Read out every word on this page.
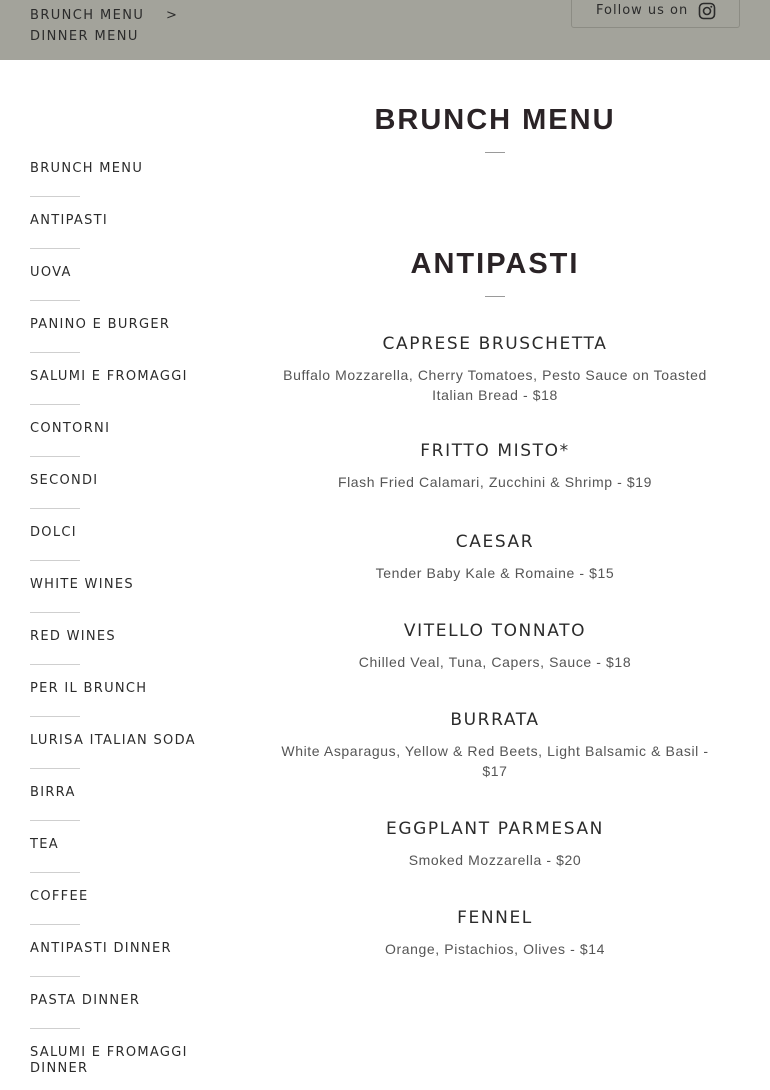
BRUNCH MENU >
DINNER MENU
Follow us on
BRUNCH MENU
ANTIPASTI
UOVA
PANINO E BURGER
SALUMI E FROMAGGI
CONTORNI
SECONDI
DOLCI
WHITE WINES
RED WINES
PER IL BRUNCH
LURISA ITALIAN SODA
BIRRA
TEA
COFFEE
ANTIPASTI DINNER
PASTA DINNER
SALUMI E FROMAGGI DINNER
BRUNCH MENU
ANTIPASTI
CAPRESE BRUSCHETTA
Buffalo Mozzarella, Cherry Tomatoes, Pesto Sauce on Toasted Italian Bread - $18
FRITTO MISTO*
Flash Fried Calamari, Zucchini & Shrimp - $19
CAESAR
Tender Baby Kale & Romaine - $15
VITELLO TONNATO
Chilled Veal, Tuna, Capers, Sauce - $18
BURRATA
White Asparagus, Yellow & Red Beets, Light Balsamic & Basil - $17
EGGPLANT PARMESAN
Smoked Mozzarella - $20
FENNEL
Orange, Pistachios, Olives - $14
